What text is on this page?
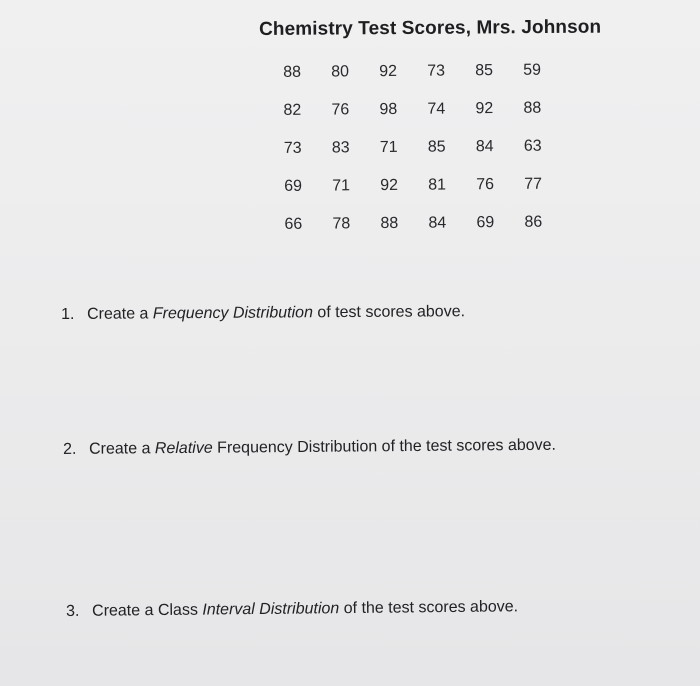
Chemistry Test Scores, Mrs. Johnson
88	80	92	73	85	59
82	76	98	74	92	88
73	83	71	85	84	63
69	71	92	81	76	77
66	78	88	84	69	86
1. Create a Frequency Distribution of test scores above.
2. Create a Relative Frequency Distribution of the test scores above.
3. Create a Class Interval Distribution of the test scores above.
